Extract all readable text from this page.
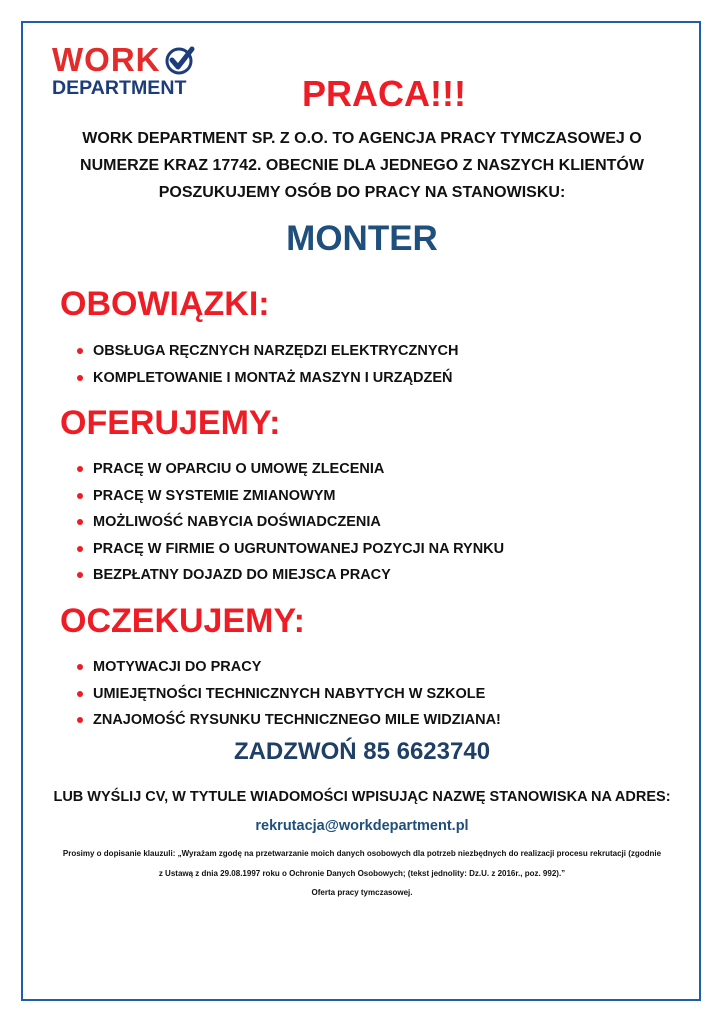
WORK
DEPARTMENT	PRACA!!!
WORK DEPARTMENT SP. Z O.O. TO AGENCJA PRACY TYMCZASOWEJ O NUMERZE KRAZ 17742. OBECNIE DLA JEDNEGO Z NASZYCH KLIENTÓW POSZUKUJEMY OSÓB DO PRACY NA STANOWISKU:
MONTER
OBOWIĄZKI:
OBSŁUGA RĘCZNYCH NARZĘDZI ELEKTRYCZNYCH
KOMPLETOWANIE I MONTAŻ MASZYN I URZĄDZEŃ
OFERUJEMY:
PRACĘ W OPARCIU O UMOWĘ ZLECENIA
PRACĘ W SYSTEMIE ZMIANOWYM
MOŻLIWOŚĆ NABYCIA DOŚWIADCZENIA
PRACĘ W FIRMIE O UGRUNTOWANEJ POZYCJI NA RYNKU
BEZPŁATNY DOJAZD DO MIEJSCA PRACY
OCZEKUJEMY:
MOTYWACJI DO PRACY
UMIEJĘTNOŚCI TECHNICZNYCH NABYTYCH W SZKOLE
ZNAJOMOŚĆ RYSUNKU TECHNICZNEGO MILE WIDZIANA!
ZADZWOŃ 85 6623740
LUB WYŚLIJ CV, W TYTULE WIADOMOŚCI WPISUJĄC NAZWĘ STANOWISKA NA ADRES:
rekrutacja@workdepartment.pl
Prosimy o dopisanie klauzuli: „Wyrażam zgodę na przetwarzanie moich danych osobowych dla potrzeb niezbędnych do realizacji procesu rekrutacji (zgodnie z Ustawą z dnia 29.08.1997 roku o Ochronie Danych Osobowych; (tekst jednolity: Dz.U. z 2016r., poz. 992).”
Oferta pracy tymczasowej.
